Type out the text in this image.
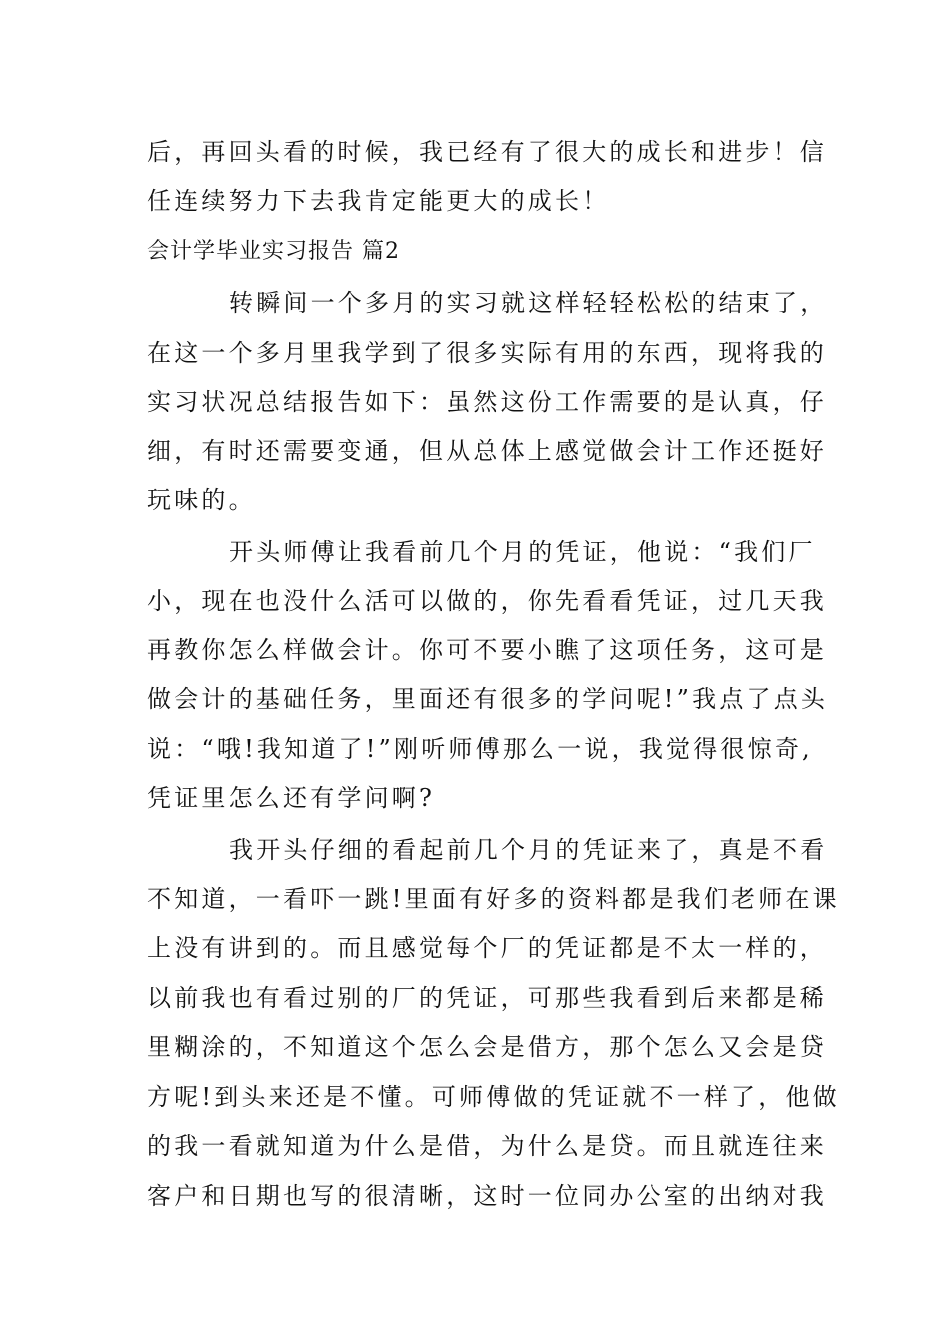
后，再回头看的时候，我已经有了很大的成长和进步！信
任连续努力下去我肯定能更大的成长！
会计学毕业实习报告 篇2
转瞬间一个多月的实习就这样轻轻松松的结束了，
在这一个多月里我学到了很多实际有用的东西，现将我的
实习状况总结报告如下：虽然这份工作需要的是认真，仔
细，有时还需要变通，但从总体上感觉做会计工作还挺好
玩味的。
开头师傅让我看前几个月的凭证，他说：“我们厂
小，现在也没什么活可以做的，你先看看凭证，过几天我
再教你怎么样做会计。你可不要小瞧了这项任务，这可是
做会计的基础任务，里面还有很多的学问呢!”我点了点头
说：“哦!我知道了!”刚听师傅那么一说，我觉得很惊奇,
凭证里怎么还有学问啊?
我开头仔细的看起前几个月的凭证来了，真是不看
不知道，一看吓一跳!里面有好多的资料都是我们老师在课
上没有讲到的。而且感觉每个厂的凭证都是不太一样的，
以前我也有看过别的厂的凭证，可那些我看到后来都是稀
里糊涂的，不知道这个怎么会是借方，那个怎么又会是贷
方呢!到头来还是不懂。可师傅做的凭证就不一样了，他做
的我一看就知道为什么是借，为什么是贷。而且就连往来
客户和日期也写的很清晰，这时一位同办公室的出纳对我
